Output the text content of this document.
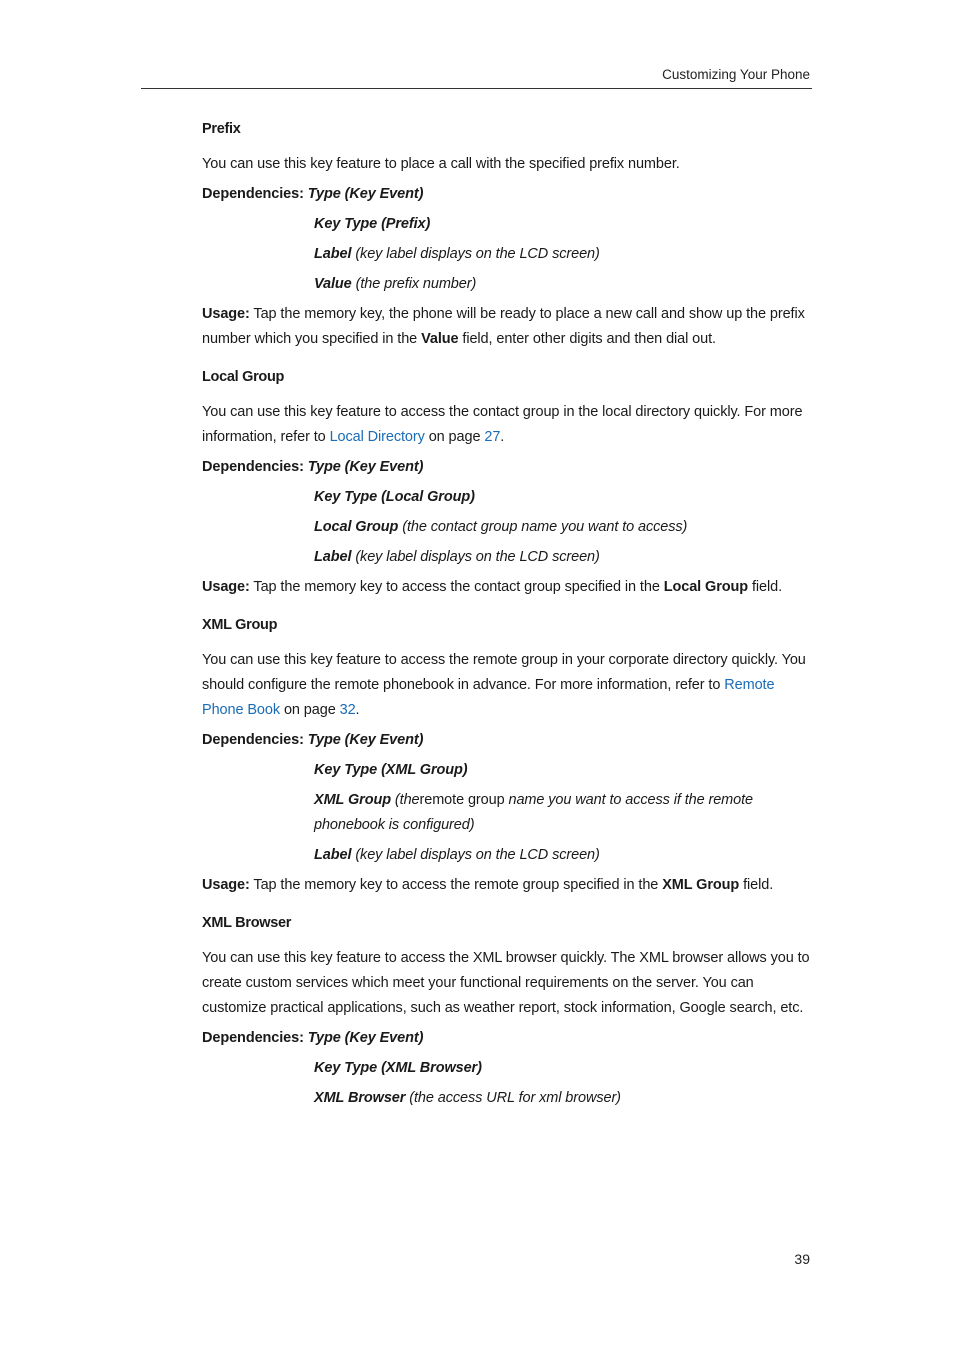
Customizing Your Phone
Prefix
You can use this key feature to place a call with the specified prefix number.
Dependencies: Type (Key Event)
Key Type (Prefix)
Label (key label displays on the LCD screen)
Value (the prefix number)
Usage: Tap the memory key, the phone will be ready to place a new call and show up the prefix number which you specified in the Value field, enter other digits and then dial out.
Local Group
You can use this key feature to access the contact group in the local directory quickly. For more information, refer to Local Directory on page 27.
Dependencies: Type (Key Event)
Key Type (Local Group)
Local Group (the contact group name you want to access)
Label (key label displays on the LCD screen)
Usage: Tap the memory key to access the contact group specified in the Local Group field.
XML Group
You can use this key feature to access the remote group in your corporate directory quickly. You should configure the remote phonebook in advance. For more information, refer to Remote Phone Book on page 32.
Dependencies: Type (Key Event)
Key Type (XML Group)
XML Group (theremote group name you want to access if the remote phonebook is configured)
Label (key label displays on the LCD screen)
Usage: Tap the memory key to access the remote group specified in the XML Group field.
XML Browser
You can use this key feature to access the XML browser quickly. The XML browser allows you to create custom services which meet your functional requirements on the server. You can customize practical applications, such as weather report, stock information, Google search, etc.
Dependencies: Type (Key Event)
Key Type (XML Browser)
XML Browser (the access URL for xml browser)
39
